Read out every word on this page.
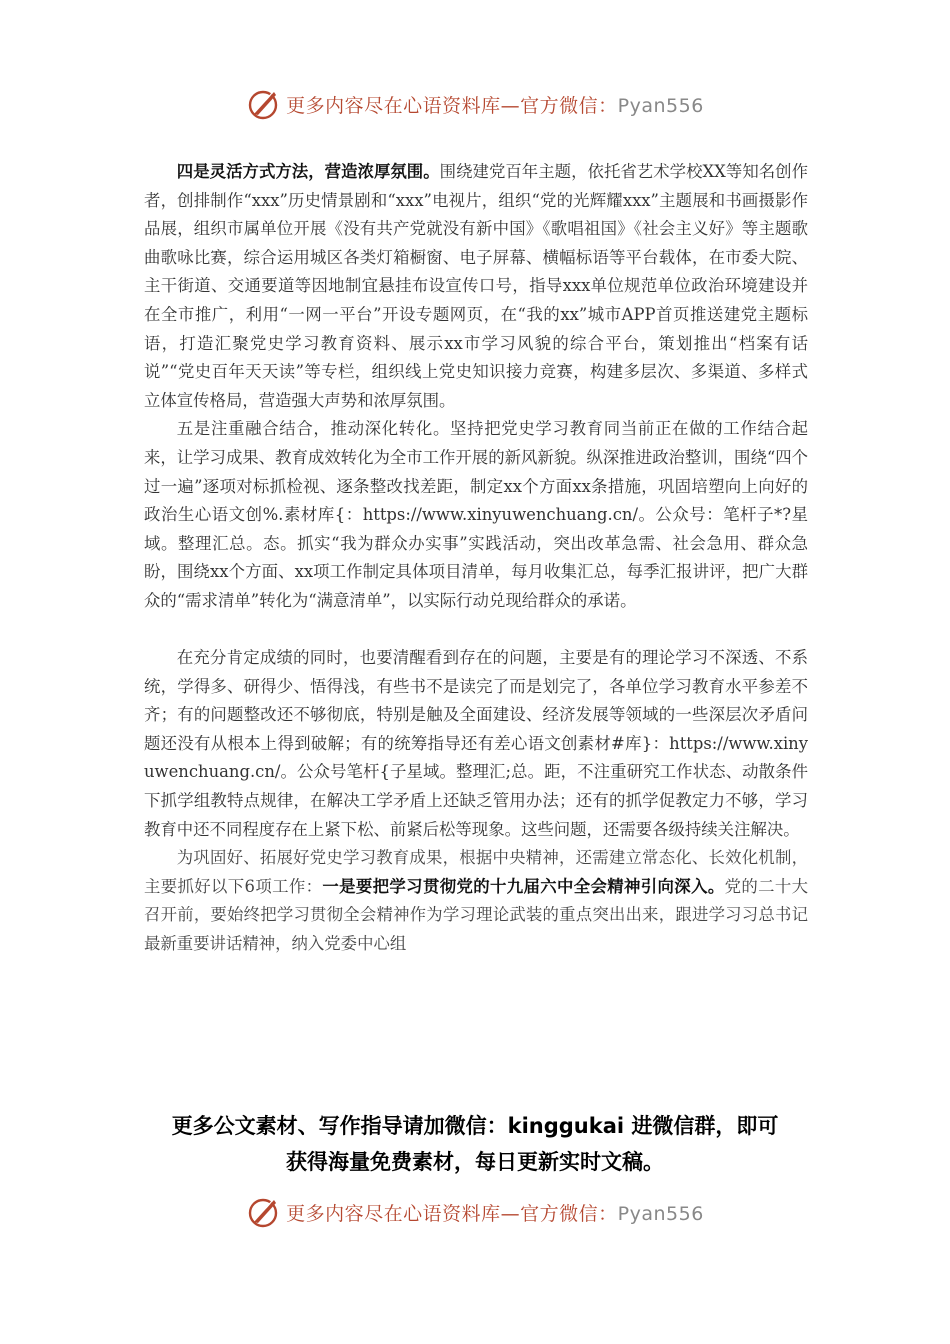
更多内容尽在心语资料库—官方微信：Pyan556

四是灵活方式方法，营造浓厚氛围。围绕建党百年主题，依托省艺术学校XX等知名创作者，创排制作“xxx”历史情景剧和“xxx”电视片，组织“党的光辉耀xxx”主题展和书画摄影作品展，组织市属单位开展《没有共产党就没有新中国》《歌唱祖国》《社会主义好》等主题歌曲歌咏比赛，综合运用城区各类灯箱橱窗、电子屏幕、横幅标语等平台载体，在市委大院、主干街道、交通要道等因地制宜悬挂布设宣传口号，指导xxx单位规范单位政治环境建设并在全市推广，利用“一网一平台”开设专题网页，在“我的xx”城市APP首页推送建党主题标语，打造汇聚党史学习教育资料、展示xx市学习风貌的综合平台，策划推出“档案有话说”“党史百年天天读”等专栏，组织线上党史知识接力竞赛，构建多层次、多渠道、多样式立体宣传格局，营造强大声势和浓厚氛围。

五是注重融合结合，推动深化转化。坚持把党史学习教育同当前正在做的工作结合起来，让学习成果、教育成效转化为全市工作开展的新风新貌。纵深推进政治整训，围绕“四个过一遍”逐项对标抓检视、逐条整改找差距，制定xx个方面xx条措施，巩固培塑向上向好的政治生心语文创%.素材库{：https://www.xinyuwenchuang.cn/。公众号：笔杆子*?星域。整理汇总。态。抓实“我为群众办实事”实践活动，突出改革急需、社会急用、群众急盼，围绕xx个方面、xx项工作制定具体项目清单，每月收集汇总，每季汇报讲评，把广大群众的“需求清单”转化为“满意清单”，以实际行动兑现给群众的承诺。

在充分肯定成绩的同时，也要清醒看到存在的问题，主要是有的理论学习不深透、不系统，学得多、研得少、悟得浅，有些书不是读完了而是划完了，各单位学习教育水平参差不齐；有的问题整改还不够彻底，特别是触及全面建设、经济发展等领域的一些深层次矛盾问题还没有从根本上得到破解；有的统筹指导还有差心语文创素材#库}：https://www.xinyuwenchuang.cn/。公众号笔杆{子星域。整理汇;总。距，不注重研究工作状态、动散条件下抓学组教特点规律，在解决工学矛盾上还缺乏管用办法；还有的抓学促教定力不够，学习教育中还不同程度存在上紧下松、前紧后松等现象。这些问题，还需要各级持续关注解决。

为巩固好、拓展好党史学习教育成果，根据中央精神，还需建立常态化、长效化机制，主要抓好以下6项工作：一是要把学习贯彻党的十九届六中全会精神引向深入。党的二十大召开前，要始终把学习贯彻全会精神作为学习理论武装的重点突出出来，跟进学习习总书记最新重要讲话精神，纳入党委中心组

更多公文素材、写作指导请加微信：kinggukai 进微信群，即可
获得海量免费素材，每日更新实时文稿。
更多内容尽在心语资料库—官方微信：Pyan556
